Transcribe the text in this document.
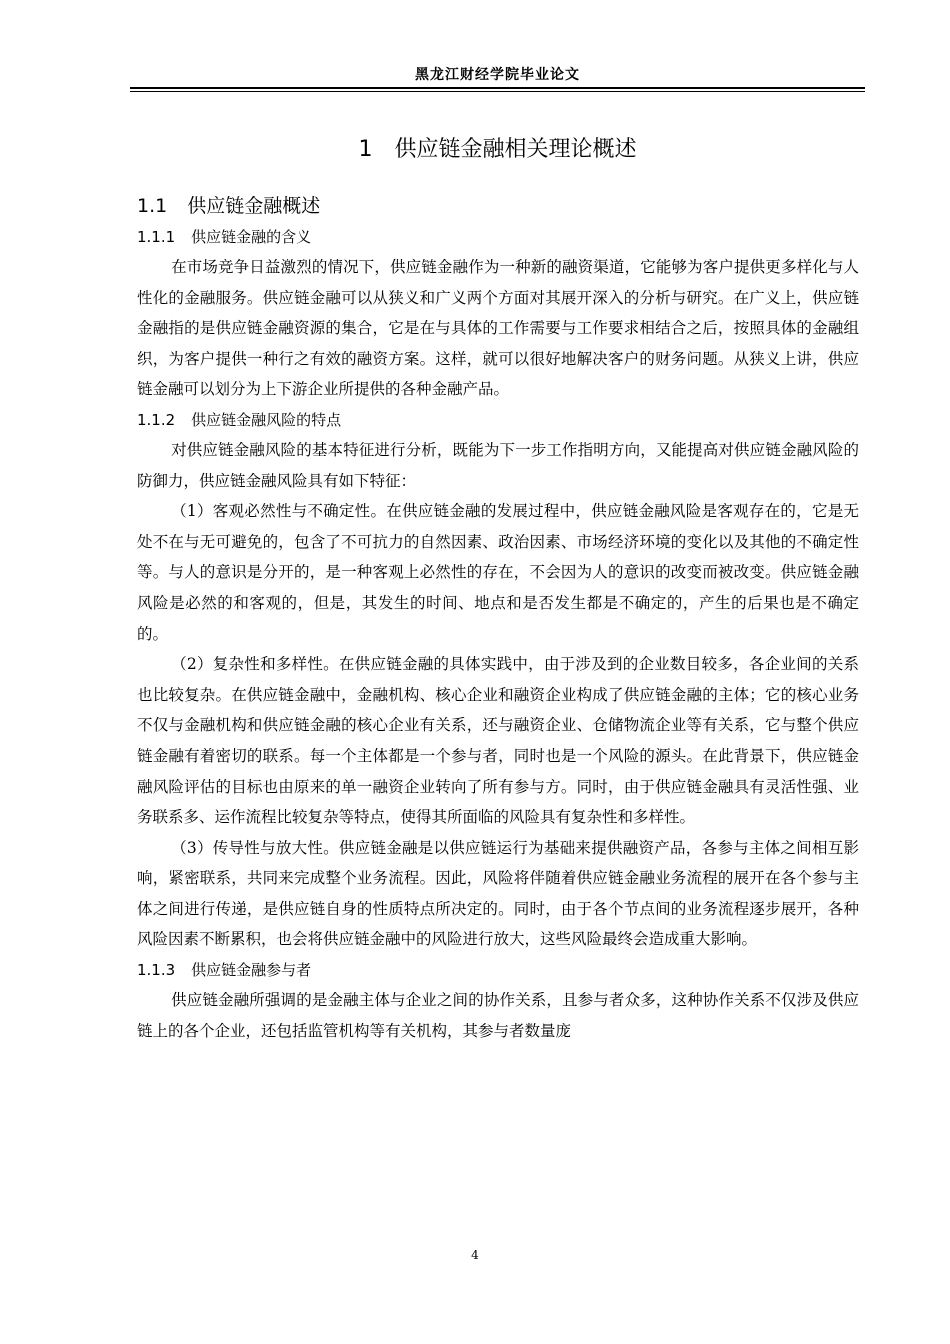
黑龙江财经学院毕业论文
1 供应链金融相关理论概述
1.1 供应链金融概述
1.1.1 供应链金融的含义

在市场竞争日益激烈的情况下，供应链金融作为一种新的融资渠道，它能够为客户提供更多样化与人性化的金融服务。供应链金融可以从狭义和广义两个方面对其展开深入的分析与研究。在广义上，供应链金融指的是供应链金融资源的集合，它是在与具体的工作需要与工作要求相结合之后，按照具体的金融组织，为客户提供一种行之有效的融资方案。这样，就可以很好地解决客户的财务问题。从狭义上讲，供应链金融可以划分为上下游企业所提供的各种金融产品。

1.1.2 供应链金融风险的特点

对供应链金融风险的基本特征进行分析，既能为下一步工作指明方向，又能提高对供应链金融风险的防御力，供应链金融风险具有如下特征：

（1）客观必然性与不确定性。在供应链金融的发展过程中，供应链金融风险是客观存在的，它是无处不在与无可避免的，包含了不可抗力的自然因素、政治因素、市场经济环境的变化以及其他的不确定性等。与人的意识是分开的，是一种客观上必然性的存在，不会因为人的意识的改变而被改变。供应链金融风险是必然的和客观的，但是，其发生的时间、地点和是否发生都是不确定的，产生的后果也是不确定的。

（2）复杂性和多样性。在供应链金融的具体实践中，由于涉及到的企业数目较多，各企业间的关系也比较复杂。在供应链金融中，金融机构、核心企业和融资企业构成了供应链金融的主体；它的核心业务不仅与金融机构和供应链金融的核心企业有关系，还与融资企业、仓储物流企业等有关系，它与整个供应链金融有着密切的联系。每一个主体都是一个参与者，同时也是一个风险的源头。在此背景下，供应链金融风险评估的目标也由原来的单一融资企业转向了所有参与方。同时，由于供应链金融具有灵活性强、业务联系多、运作流程比较复杂等特点，使得其所面临的风险具有复杂性和多样性。

（3）传导性与放大性。供应链金融是以供应链运行为基础来提供融资产品，各参与主体之间相互影响，紧密联系，共同来完成整个业务流程。因此，风险将伴随着供应链金融业务流程的展开在各个参与主体之间进行传递，是供应链自身的性质特点所决定的。同时，由于各个节点间的业务流程逐步展开，各种风险因素不断累积，也会将供应链金融中的风险进行放大，这些风险最终会造成重大影响。

1.1.3 供应链金融参与者

供应链金融所强调的是金融主体与企业之间的协作关系，且参与者众多，这种协作关系不仅涉及供应链上的各个企业，还包括监管机构等有关机构，其参与者数量庞

4
